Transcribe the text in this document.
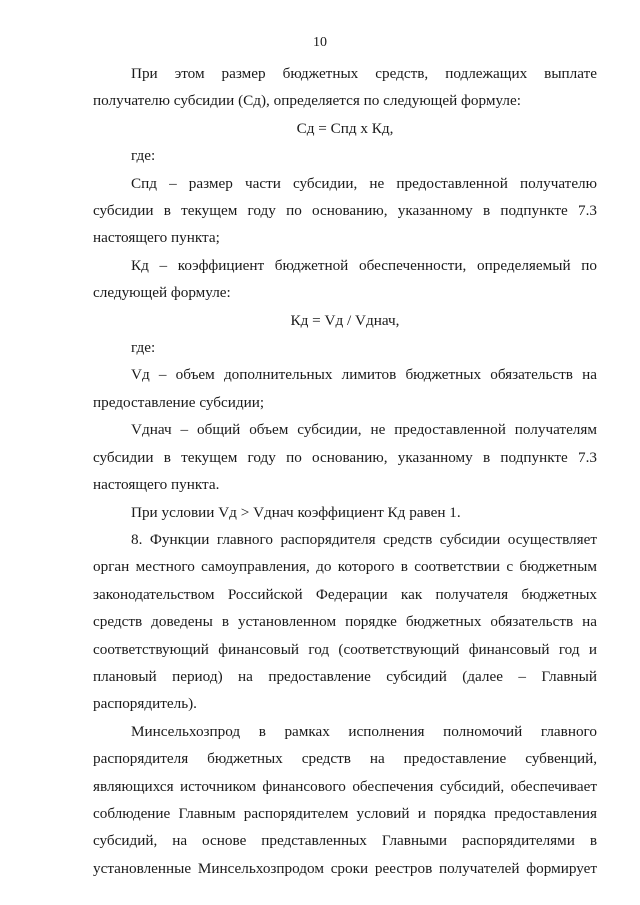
10

При этом размер бюджетных средств, подлежащих выплате получателю субсидии (Сд), определяется по следующей формуле:

Сд = Спд х Кд,

где:

Спд – размер части субсидии, не предоставленной получателю субсидии в текущем году по основанию, указанному в подпункте 7.3 настоящего пункта;

Кд – коэффициент бюджетной обеспеченности, определяемый по следующей формуле:

Кд = Vд / Vднач,

где:

Vд – объем дополнительных лимитов бюджетных обязательств на предоставление субсидии;

Vднач – общий объем субсидии, не предоставленной получателям субсидии в текущем году по основанию, указанному в подпункте 7.3 настоящего пункта.

При условии Vд > Vднач коэффициент Кд равен 1.

8. Функции главного распорядителя средств субсидии осуществляет орган местного самоуправления, до которого в соответствии с бюджетным законодательством Российской Федерации как получателя бюджетных средств доведены в установленном порядке бюджетных обязательств на соответствующий финансовый год (соответствующий финансовый год и плановый период) на предоставление субсидий (далее – Главный распорядитель).

Минсельхозпрод в рамках исполнения полномочий главного распорядителя бюджетных средств на предоставление субвенций, являющихся источником финансового обеспечения субсидий, обеспечивает соблюдение Главным распорядителем условий и порядка предоставления субсидий, на основе представленных Главными распорядителями в установленные Минсельхозпродом сроки реестров получателей формирует
